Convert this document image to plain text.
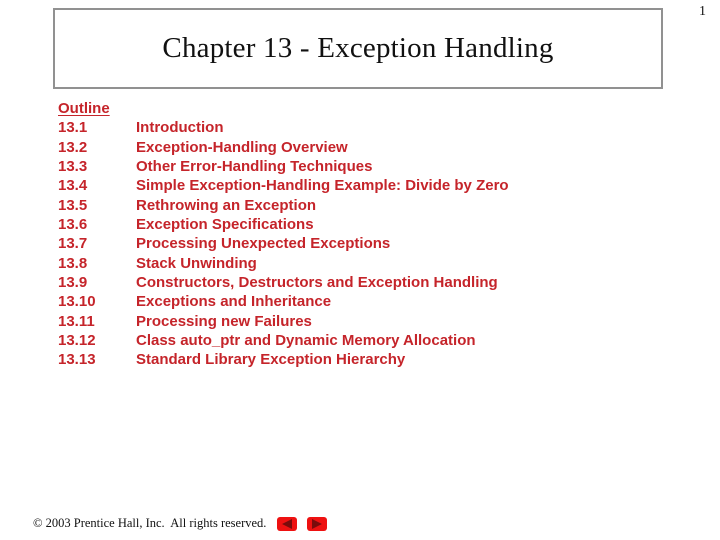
Chapter 13 - Exception Handling
1
Outline
13.1	Introduction
13.2	Exception-Handling Overview
13.3	Other Error-Handling Techniques
13.4	Simple Exception-Handling Example: Divide by Zero
13.5	Rethrowing an Exception
13.6	Exception Specifications
13.7	Processing Unexpected Exceptions
13.8	Stack Unwinding
13.9	Constructors, Destructors and Exception Handling
13.10	Exceptions and Inheritance
13.11	Processing new Failures
13.12	Class auto_ptr and Dynamic Memory Allocation
13.13	Standard Library Exception Hierarchy
© 2003 Prentice Hall, Inc.  All rights reserved.
